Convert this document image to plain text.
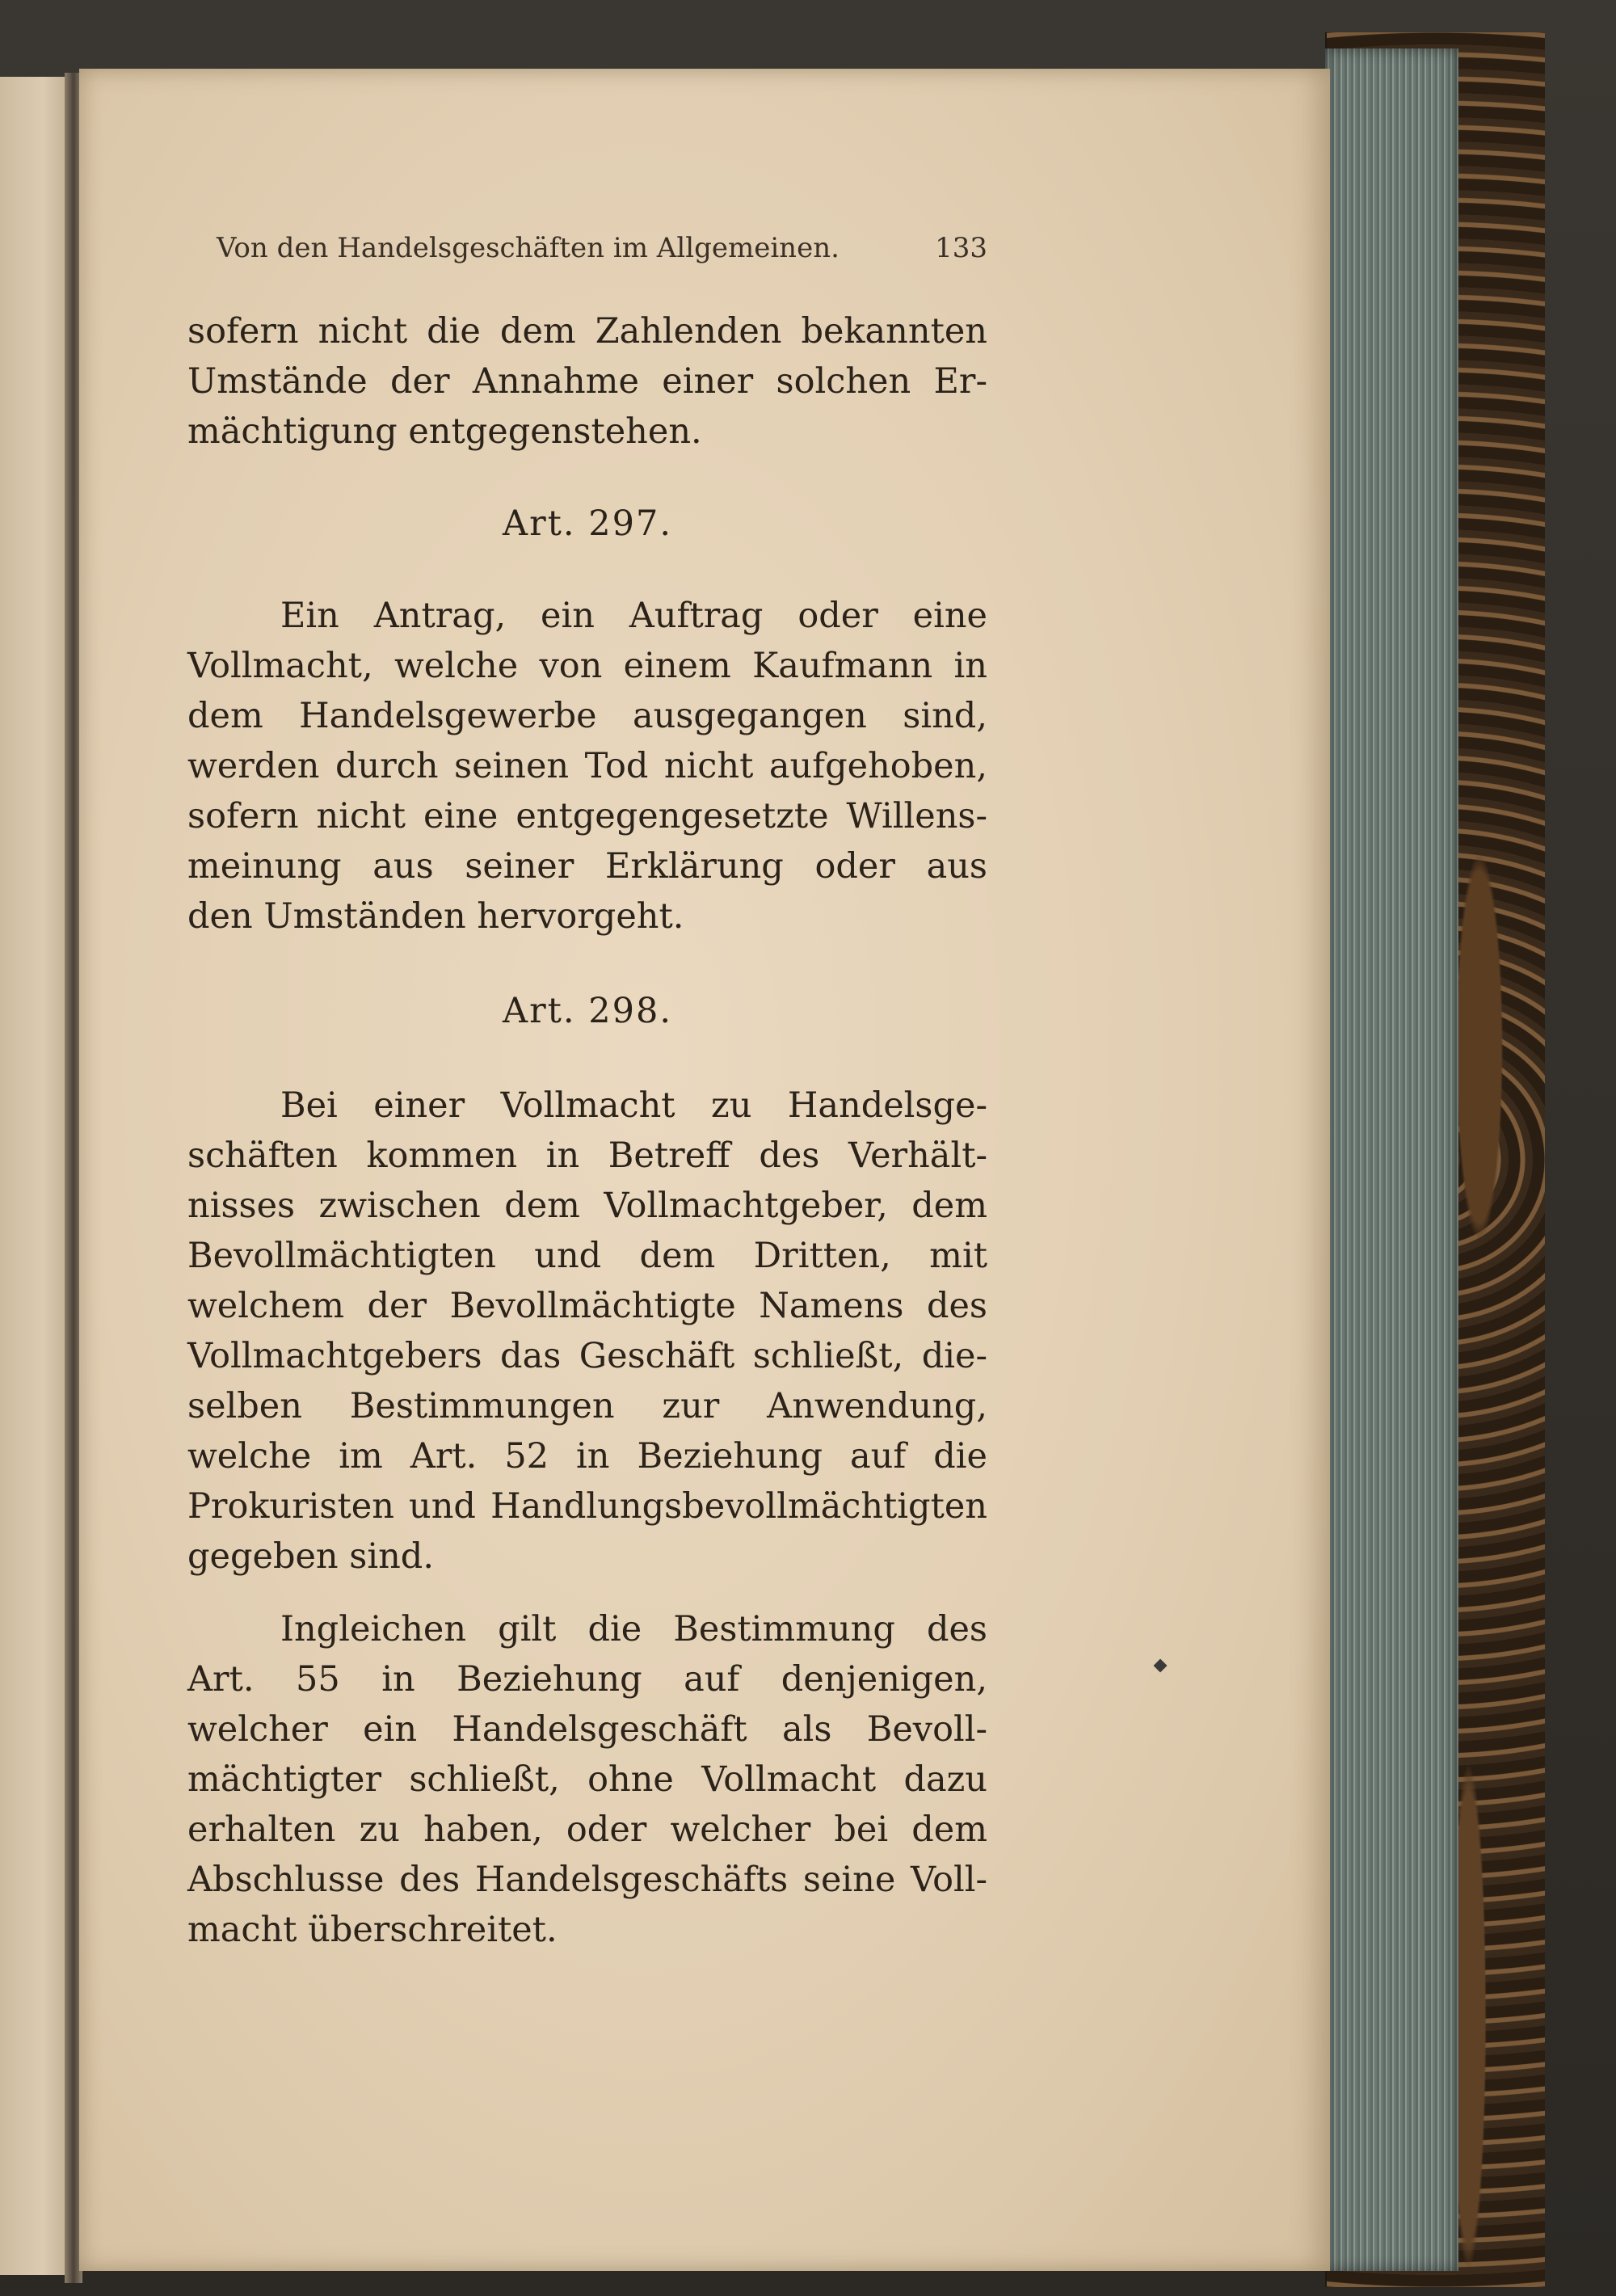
Von den Handelsgeschäften im Allgemeinen.	133
sofern nicht die dem Zahlenden bekannten
Umstände der Annahme einer solchen Er-
mächtigung entgegenstehen.
Art. 297.
Ein Antrag, ein Auftrag oder eine
Vollmacht, welche von einem Kaufmann in
dem Handelsgewerbe ausgegangen sind,
werden durch seinen Tod nicht aufgehoben,
sofern nicht eine entgegengesetzte Willens-
meinung aus seiner Erklärung oder aus
den Umständen hervorgeht.
Art. 298.
Bei einer Vollmacht zu Handelsge-
schäften kommen in Betreff des Verhält-
nisses zwischen dem Vollmachtgeber, dem
Bevollmächtigten und dem Dritten, mit
welchem der Bevollmächtigte Namens des
Vollmachtgebers das Geschäft schließt, die-
selben Bestimmungen zur Anwendung,
welche im Art. 52 in Beziehung auf die
Prokuristen und Handlungsbevollmächtigten
gegeben sind.
Ingleichen gilt die Bestimmung des
Art. 55 in Beziehung auf denjenigen,
welcher ein Handelsgeschäft als Bevoll-
mächtigter schließt, ohne Vollmacht dazu
erhalten zu haben, oder welcher bei dem
Abschlusse des Handelsgeschäfts seine Voll-
macht überschreitet.
